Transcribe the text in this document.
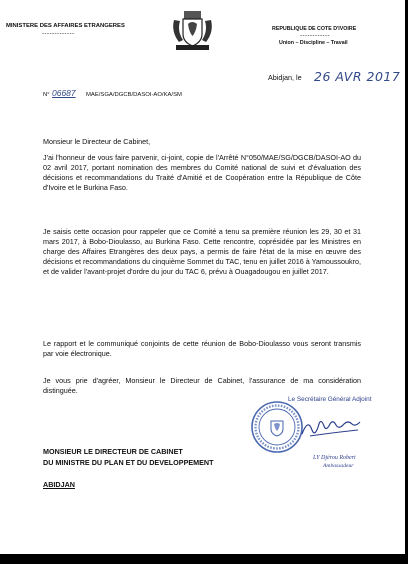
MINISTERE DES AFFAIRES ETRANGERES
-------------
REPUBLIQUE DE COTE D'IVOIRE
------------
Union – Discipline – Travail
Abidjan, le 26 AVR 2017
N° 06687 MAE/SGA/DGCB/DASOI-AO/KA/SM
Monsieur le Directeur de Cabinet,
J'ai l'honneur de vous faire parvenir, ci-joint, copie de l'Arrêté N°050/MAE/SG/DGCB/DASOI-AO du 02 avril 2017, portant nomination des membres du Comité national de suivi et d'évaluation des décisions et recommandations du Traité d'Amitié et de Coopération entre la République de Côte d'Ivoire et le Burkina Faso.
Je saisis cette occasion pour rappeler que ce Comité a tenu sa première réunion les 29, 30 et 31 mars 2017, à Bobo-Dioulasso, au Burkina Faso. Cette rencontre, coprésidée par les Ministres en charge des Affaires Etrangères des deux pays, a permis de faire l'état de la mise en œuvre des décisions et recommandations du cinquième Sommet du TAC, tenu en juillet 2016 à Yamoussoukro, et de valider l'avant-projet d'ordre du jour du TAC 6, prévu à Ouagadougou en juillet 2017.
Le rapport et le communiqué conjoints de cette réunion de Bobo-Dioulasso vous seront transmis par voie électronique.
Je vous prie d'agréer, Monsieur le Directeur de Cabinet, l'assurance de ma considération distinguée.
Le Secrétaire Général Adjoint
LY Djérou Robert
Ambassadeur
MONSIEUR LE DIRECTEUR DE CABINET
DU MINISTRE DU PLAN ET DU DEVELOPPEMENT
ABIDJAN
